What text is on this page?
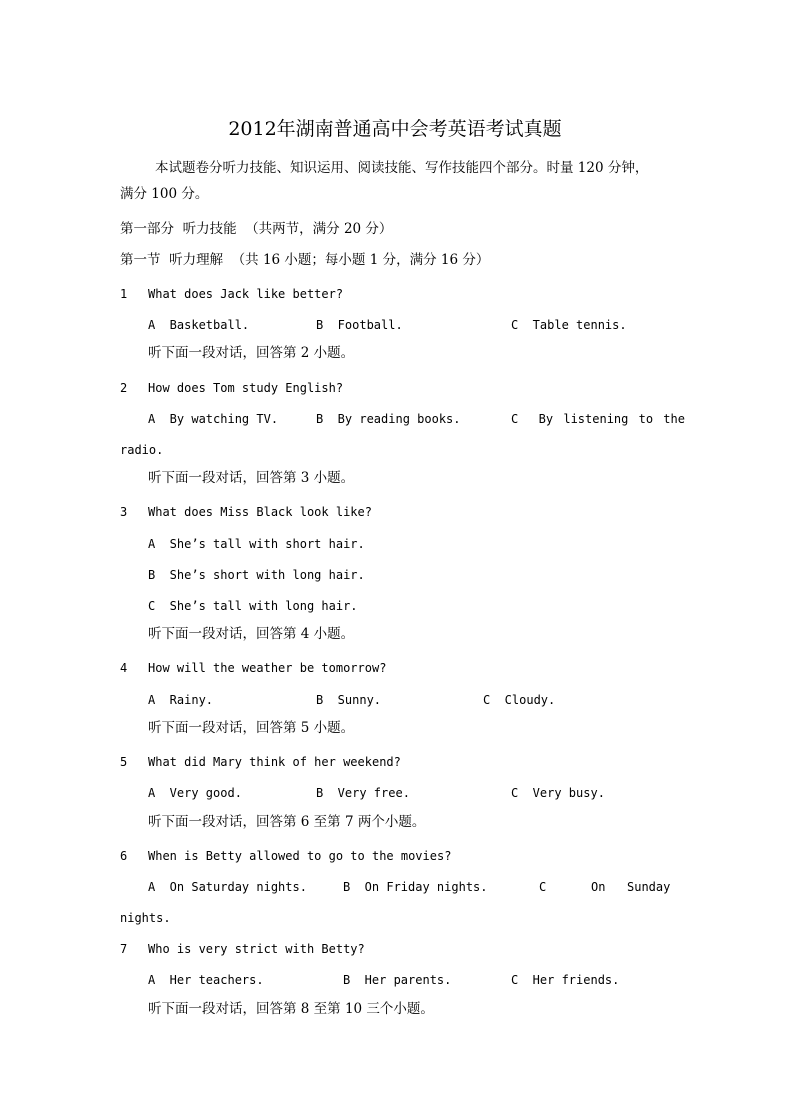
2012年湖南普通高中会考英语考试真题
本试题卷分听力技能、知识运用、阅读技能、写作技能四个部分。时量 120 分钟，
满分 100 分。
第一部分  听力技能  （共两节，满分 20 分）
第一节  听力理解  （共 16 小题；每小题 1 分，满分 16 分）
1 What does Jack like better?
A  Basketball.	B  Football.	C  Table tennis.
听下面一段对话，回答第 2 小题。
2 How does Tom study English?
A  By watching TV.	B  By reading books.	C  By listening to the
radio.
听下面一段对话，回答第 3 小题。
3 What does Miss Black look like?
A  She’s tall with short hair.
B  She’s short with long hair.
C  She’s tall with long hair.
听下面一段对话，回答第 4 小题。
4 How will the weather be tomorrow?
A  Rainy.	B  Sunny.	C  Cloudy.
听下面一段对话，回答第 5 小题。
5 What did Mary think of her weekend?
A  Very good.	B  Very free.	C  Very busy.
听下面一段对话，回答第 6 至第 7 两个小题。
6 When is Betty allowed to go to the movies?
A  On Saturday nights.	B  On Friday nights.	C	On Sunday
nights.
7 Who is very strict with Betty?
A  Her teachers.	B  Her parents.	C  Her friends.
听下面一段对话，回答第 8 至第 10 三个小题。
